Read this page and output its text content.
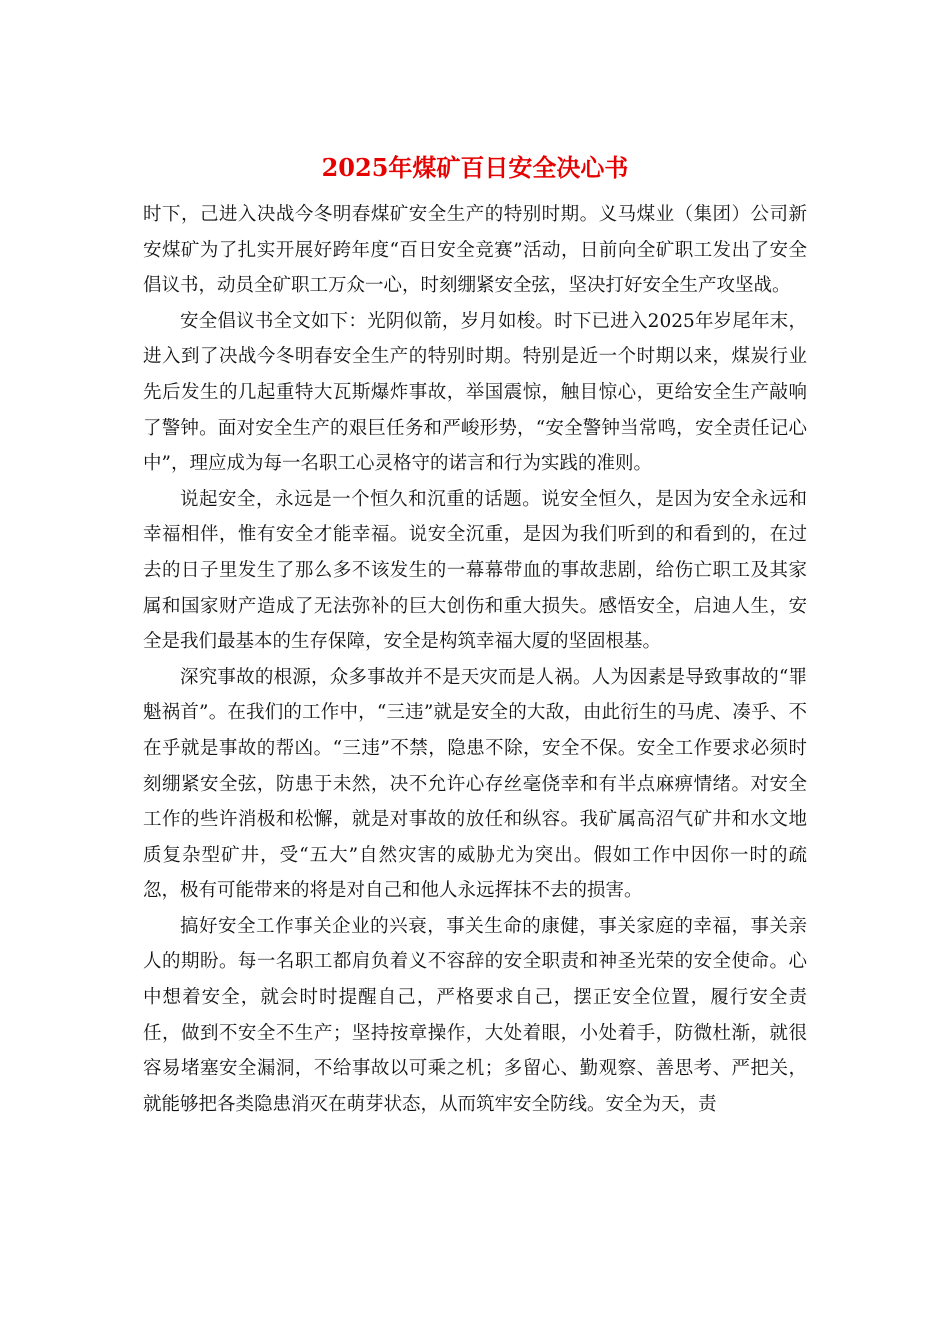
2025年煤矿百日安全决心书

时下，己进入决战今冬明春煤矿安全生产的特别时期。义马煤业（集团）公司新安煤矿为了扎实开展好跨年度“百日安全竞赛”活动，日前向全矿职工发出了安全倡议书，动员全矿职工万众一心，时刻绷紧安全弦，坚决打好安全生产攻坚战。

安全倡议书全文如下：光阴似箭，岁月如梭。时下已进入2025年岁尾年末，进入到了决战今冬明春安全生产的特别时期。特别是近一个时期以来，煤炭行业先后发生的几起重特大瓦斯爆炸事故，举国震惊，触目惊心，更给安全生产敲响了警钟。面对安全生产的艰巨任务和严峻形势，“安全警钟当常鸣，安全责任记心中”，理应成为每一名职工心灵格守的诺言和行为实践的准则。

说起安全，永远是一个恒久和沉重的话题。说安全恒久，是因为安全永远和幸福相伴，惟有安全才能幸福。说安全沉重，是因为我们听到的和看到的，在过去的日子里发生了那么多不该发生的一幕幕带血的事故悲剧，给伤亡职工及其家属和国家财产造成了无法弥补的巨大创伤和重大损失。感悟安全，启迪人生，安全是我们最基本的生存保障，安全是构筑幸福大厦的坚固根基。

深究事故的根源，众多事故并不是天灾而是人祸。人为因素是导致事故的“罪魁祸首”。在我们的工作中，“三违”就是安全的大敌，由此衍生的马虎、凑乎、不在乎就是事故的帮凶。“三违”不禁，隐患不除，安全不保。安全工作要求必须时刻绷紧安全弦，防患于未然，决不允许心存丝毫侥幸和有半点麻痹情绪。对安全工作的些许消极和松懈，就是对事故的放任和纵容。我矿属高沼气矿井和水文地质复杂型矿井，受“五大”自然灾害的威胁尤为突出。假如工作中因你一时的疏忽，极有可能带来的将是对自己和他人永远挥抹不去的损害。

搞好安全工作事关企业的兴衰，事关生命的康健，事关家庭的幸福，事关亲人的期盼。每一名职工都肩负着义不容辞的安全职责和神圣光荣的安全使命。心中想着安全，就会时时提醒自己，严格要求自己，摆正安全位置，履行安全责任，做到不安全不生产；坚持按章操作，大处着眼，小处着手，防微杜渐，就很容易堵塞安全漏洞，不给事故以可乘之机；多留心、勤观察、善思考、严把关，就能够把各类隐患消灭在萌芽状态，从而筑牢安全防线。安全为天，责
